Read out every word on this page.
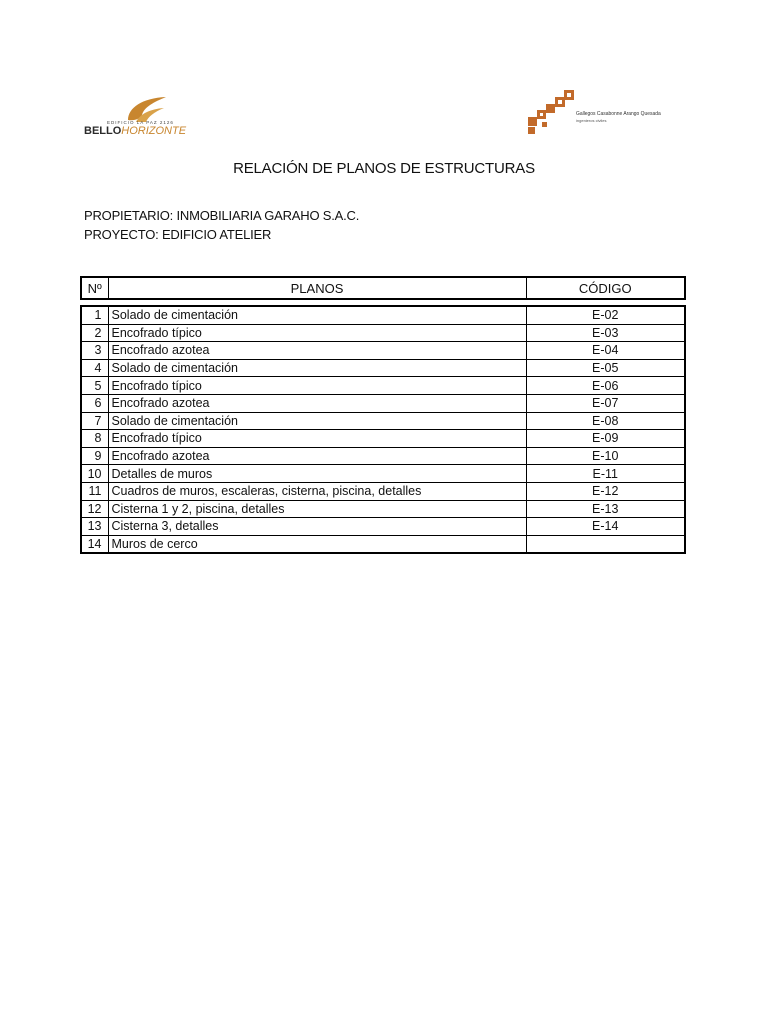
EDIFICIO LA PAZ 2126
BELLOHORIZONTE
Gallegos Casabonne Arango Quesada
ingenieros civiles
RELACIÓN DE PLANOS DE ESTRUCTURAS
PROPIETARIO: INMOBILIARIA GARAHO S.A.C.
PROYECTO: EDIFICIO ATELIER
Nº	PLANOS	CÓDIGO
1	Solado de cimentación	E-02
2	Encofrado típico	E-03
3	Encofrado azotea	E-04
4	Solado de cimentación	E-05
5	Encofrado típico	E-06
6	Encofrado azotea	E-07
7	Solado de cimentación	E-08
8	Encofrado típico	E-09
9	Encofrado azotea	E-10
10	Detalles de muros	E-11
11	Cuadros de muros, escaleras, cisterna, piscina, detalles	E-12
12	Cisterna 1 y 2, piscina, detalles	E-13
13	Cisterna 3, detalles	E-14
14	Muros de cerco	
